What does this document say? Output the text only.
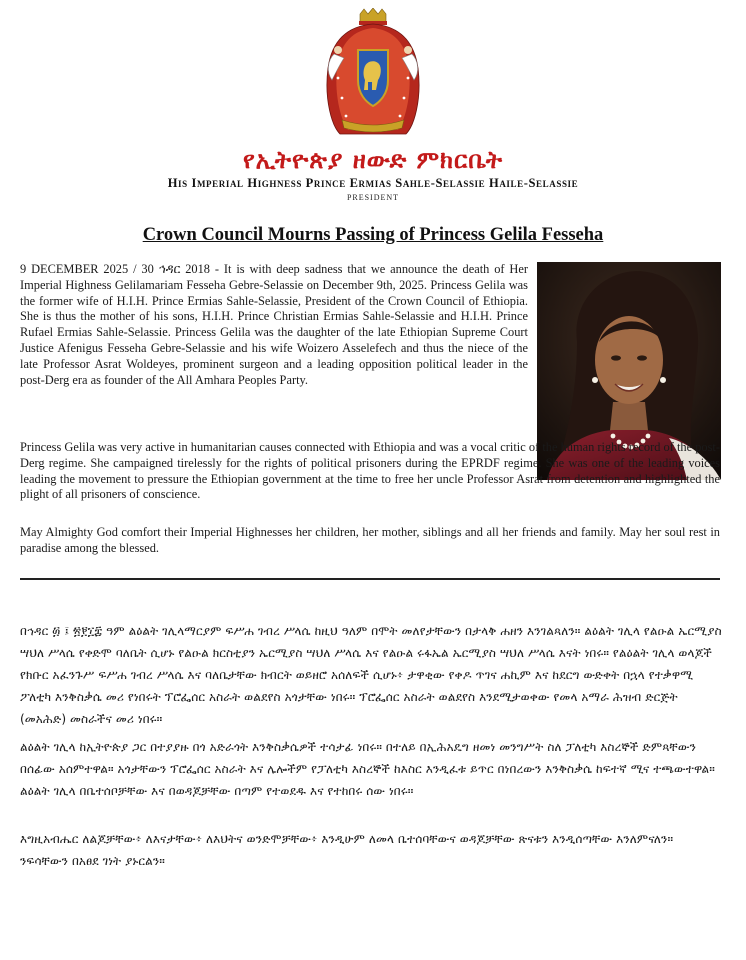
የኢትዮጵያ ዘውድ ምክርቤት
His Imperial Highness Prince Ermias Sahle-Selassie Haile-Selassie
PRESIDENT
Crown Council Mourns Passing of Princess Gelila Fesseha

9 DECEMBER 2025 / 30 ኅዳር 2018 - It is with deep sadness that we announce the death of Her Imperial Highness Gelilamariam Fesseha Gebre-Selassie on December 9th, 2025. Princess Gelila was the former wife of H.I.H. Prince Ermias Sahle-Selassie, President of the Crown Council of Ethiopia. She is thus the mother of his sons, H.I.H. Prince Christian Ermias Sahle-Selassie and H.I.H. Prince Rufael Ermias Sahle-Selassie. Princess Gelila was the daughter of the late Ethiopian Supreme Court Justice Afenigus Fesseha Gebre-Selassie and his wife Woizero Asselefech and thus the niece of the late Professor Asrat Woldeyes, prominent surgeon and a leading opposition political leader in the post-Derg era as founder of the All Amhara Peoples Party.

Princess Gelila was very active in humanitarian causes connected with Ethiopia and was a vocal critic of the human rights record of the post-Derg regime. She campaigned tirelessly for the rights of political prisoners during the EPRDF regime. She was one of the leading voices leading the movement to pressure the Ethiopian government at the time to free her uncle Professor Asrat from detention and highlighted the plight of all prisoners of conscience.

May Almighty God comfort their Imperial Highnesses her children, her mother, siblings and all her friends and family. May her soul rest in paradise among the blessed.

በኅዳር ፴ ፤ ፳፻፲፰ ዓም ልዕልት ገሊላማርያም ፍሥሐ ገብረ ሥላሴ ከዚህ ዓለም በሞት መለየታቸውን በታላቅ ሐዘን እንገልጻለን። ልዕልት ገሊላ የልዑል ኤርሚያስ ሣህለ ሥላሴ የቀድሞ ባለቤት ሲሆኑ የልዑል ክርስቲያን ኤርሚያስ ሣህለ ሥላሴ እና የልዑል ሩፋኤል ኤርሚያስ ሣህለ ሥላሴ እናት ነበሩ። የልዕልት ገሊላ ወላጆች የክቡር አፈንጉሥ ፍሥሐ ገብረ ሥላሴ እና ባለቤታቸው ክብርት ወይዘሮ አሰለፍች ሲሆኑ፥ ታዋቂው የቀዶ ጥገና ሐኪም እና ከደርግ ውድቀት በኋላ የተቃዋሚ ፖለቲካ እንቅስቃሴ መሪ የነበሩት ፕሮፌሰር አስራት ወልደየስ አጎታቸው ነበሩ። ፕሮፌሰር አስራት ወልደየስ እንደሚታወቀው የመላ አማራ ሕዝብ ድርጅት (መአሕድ) መስራችና መሪ ነበሩ።

ልዕልት ገሊላ ከኢትዮጵያ ጋር በተያያዙ በጎ አድራጎት እንቅስቃሴዎች ተሳታፊ ነበሩ። በተለይ በኢሕአዴግ ዘመነ መንግሥት ስለ ፓለቲካ እስረኞች ድምጻቸውን በሰፊው አሰምተዋል። አጎታቸውን ፕሮፌሰር አስራት እና ሌሎችም የፓለቲካ እስረኞች ከእስር እንዲፈቱ ይጥር በነበረውን እንቅስቃሴ ከፍተኛ ሚና ተጫውተዋል። ልዕልት ገሊላ በቤተሰቦቻቸው እና በወዳጆቻቸው በጣም የተወደዱ እና የተከበሩ ሰው ነበሩ።

እግዚአብሔር ለልጆቻቸው፥ ለእናታቸው፥ ለእህትና ወንድሞቻቸው፥ እንዲሁም ለመላ ቤተሰባቸውና ወዳጆቻቸው ጽናቱን እንዲሰጣቸው እንለምናለን። ንፍሳቸውን በአፀደ ገነት ያኑርልን።
